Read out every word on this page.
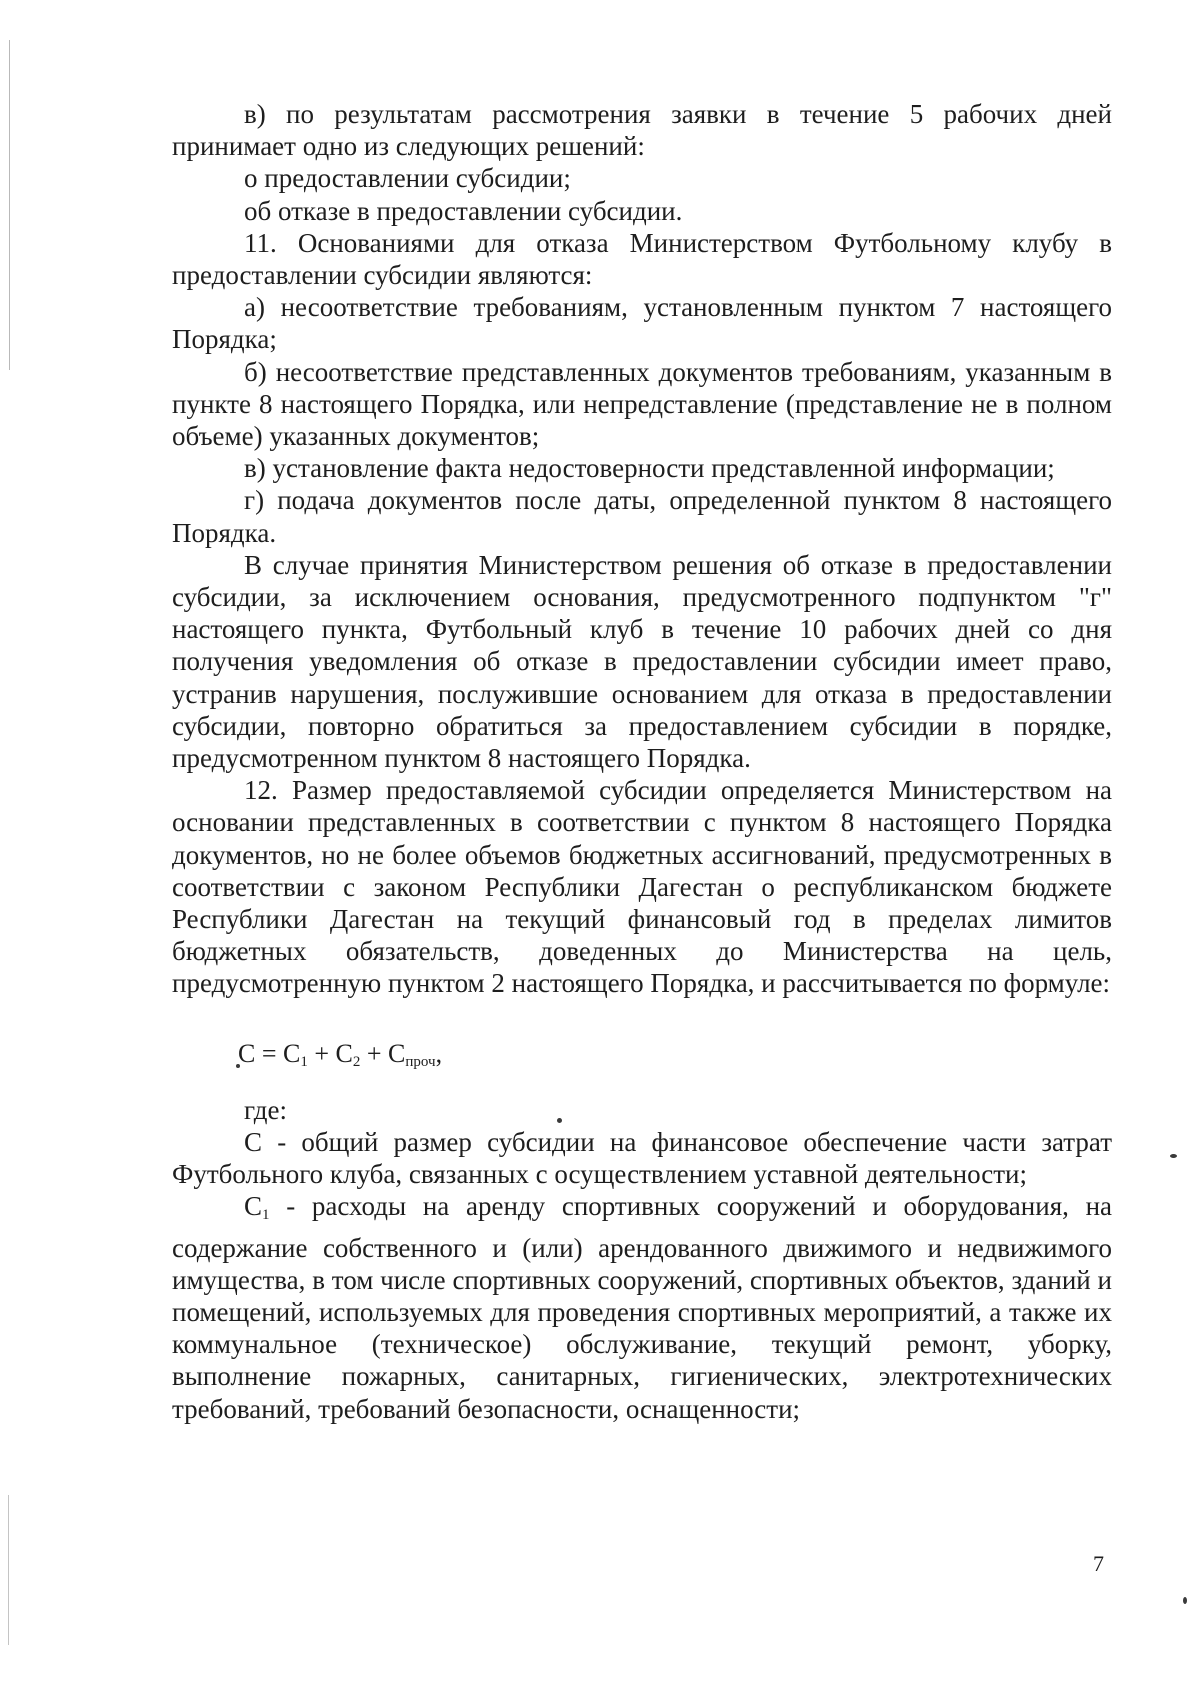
в) по результатам рассмотрения заявки в течение 5 рабочих дней принимает одно из следующих решений:

о предоставлении субсидии;

об отказе в предоставлении субсидии.

11. Основаниями для отказа Министерством Футбольному клубу в предоставлении субсидии являются:

а) несоответствие требованиям, установленным пунктом 7 настоящего Порядка;

б) несоответствие представленных документов требованиям, указанным в пункте 8 настоящего Порядка, или непредставление (представление не в полном объеме) указанных документов;

в) установление факта недостоверности представленной информации;

г) подача документов после даты, определенной пунктом 8 настоящего Порядка.

В случае принятия Министерством решения об отказе в предоставлении субсидии, за исключением основания, предусмотренного подпунктом "г" настоящего пункта, Футбольный клуб в течение 10 рабочих дней со дня получения уведомления об отказе в предоставлении субсидии имеет право, устранив нарушения, послужившие основанием для отказа в предоставлении субсидии, повторно обратиться за предоставлением субсидии в порядке, предусмотренном пунктом 8 настоящего Порядка.

12. Размер предоставляемой субсидии определяется Министерством на основании представленных в соответствии с пунктом 8 настоящего Порядка документов, но не более объемов бюджетных ассигнований, предусмотренных в соответствии с законом Республики Дагестан о республиканском бюджете Республики Дагестан на текущий финансовый год в пределах лимитов бюджетных обязательств, доведенных до Министерства на цель, предусмотренную пунктом 2 настоящего Порядка, и рассчитывается по формуле:

$C = C_1 + C_2 + C_{проч}$,

где:

C - общий размер субсидии на финансовое обеспечение части затрат Футбольного клуба, связанных с осуществлением уставной деятельности;

$C_1$ - расходы на аренду спортивных сооружений и оборудования, на содержание собственного и (или) арендованного движимого и недвижимого имущества, в том числе спортивных сооружений, спортивных объектов, зданий и помещений, используемых для проведения спортивных мероприятий, а также их коммунальное (техническое) обслуживание, текущий ремонт, уборку, выполнение пожарных, санитарных, гигиенических, электротехнических требований, требований безопасности, оснащенности;

7
